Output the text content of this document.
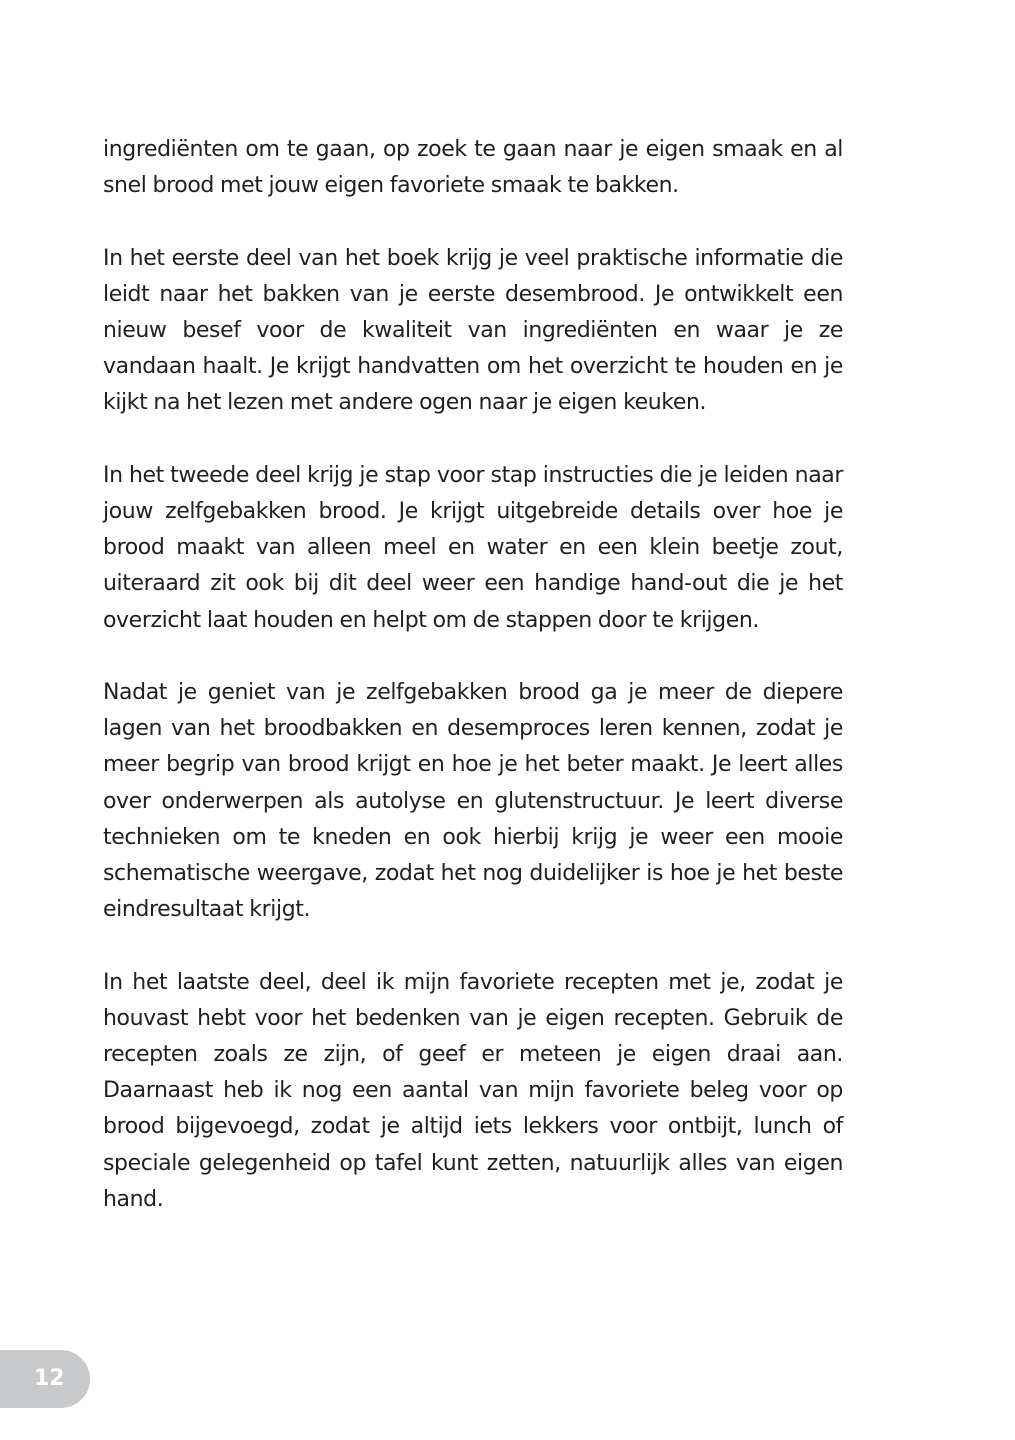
ingrediënten om te gaan, op zoek te gaan naar je eigen smaak en al snel brood met jouw eigen favoriete smaak te bakken.

In het eerste deel van het boek krijg je veel praktische informatie die leidt naar het bakken van je eerste desembrood. Je ontwikkelt een nieuw besef voor de kwaliteit van ingrediënten en waar je ze vandaan haalt. Je krijgt handvatten om het overzicht te houden en je kijkt na het lezen met andere ogen naar je eigen keuken.

In het tweede deel krijg je stap voor stap instructies die je leiden naar jouw zelfgebakken brood. Je krijgt uitgebreide details over hoe je brood maakt van alleen meel en water en een klein beetje zout, uiteraard zit ook bij dit deel weer een handige hand-out die je het overzicht laat houden en helpt om de stappen door te krijgen.

Nadat je geniet van je zelfgebakken brood ga je meer de diepere lagen van het broodbakken en desemproces leren kennen, zodat je meer begrip van brood krijgt en hoe je het beter maakt. Je leert alles over onderwerpen als autolyse en glutenstructuur. Je leert diverse technieken om te kneden en ook hierbij krijg je weer een mooie schematische weergave, zodat het nog duidelijker is hoe je het beste eindresultaat krijgt.

In het laatste deel, deel ik mijn favoriete recepten met je, zodat je houvast hebt voor het bedenken van je eigen recepten. Gebruik de recepten zoals ze zijn, of geef er meteen je eigen draai aan. Daarnaast heb ik nog een aantal van mijn favoriete beleg voor op brood bijgevoegd, zodat je altijd iets lekkers voor ontbijt, lunch of speciale gelegenheid op tafel kunt zetten, natuurlijk alles van eigen hand.

12
